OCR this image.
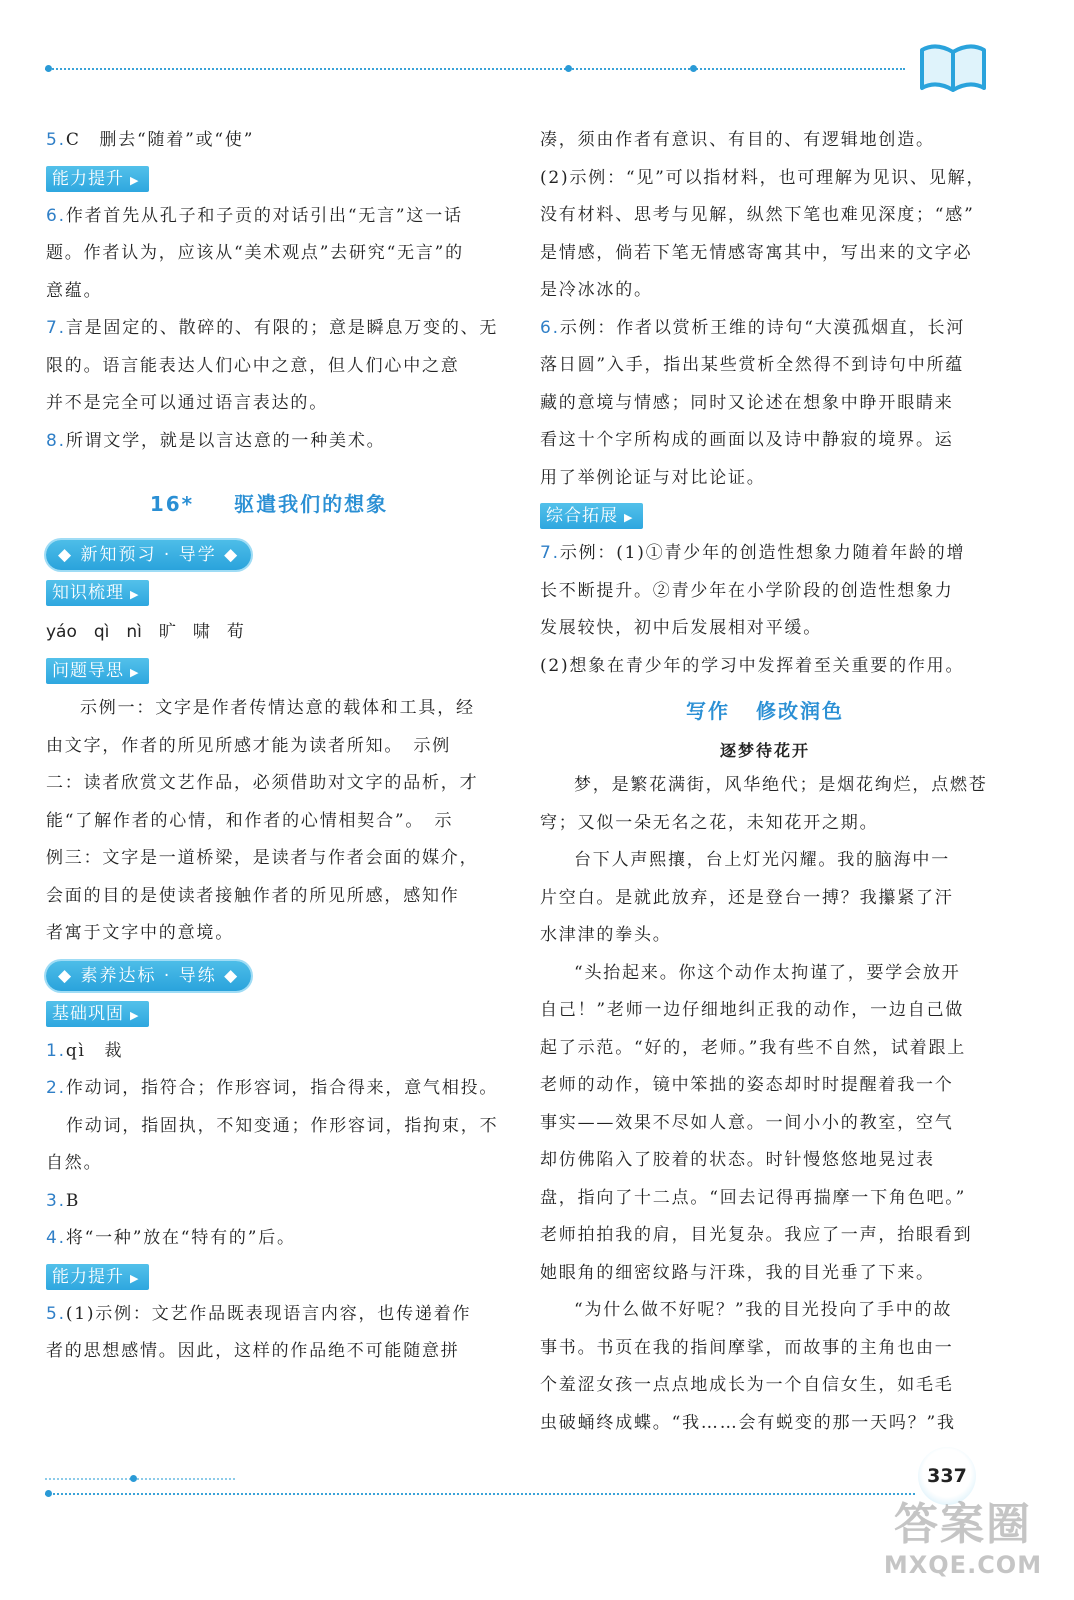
5.C　删去“随着”或“使”
能力提升 ▶
6.作者首先从孔子和子贡的对话引出“无言”这一话
题。作者认为，应该从“美术观点”去研究“无言”的
意蕴。
7.言是固定的、散碎的、有限的；意是瞬息万变的、无
限的。语言能表达人们心中之意，但人们心中之意
并不是完全可以通过语言表达的。
8.所谓文学，就是以言达意的一种美术。
16* 驱遣我们的想象
◆ 新知预习 · 导学 ◆
知识梳理 ▶
yáo　qì　nì　旷　啸　荀
问题导思 ▶
示例一：文字是作者传情达意的载体和工具，经
由文字，作者的所见所感才能为读者所知。　示例
二：读者欣赏文艺作品，必须借助对文字的品析，才
能“了解作者的心情，和作者的心情相契合”。　示
例三：文字是一道桥梁，是读者与作者会面的媒介，
会面的目的是使读者接触作者的所见所感，感知作
者寓于文字中的意境。
◆ 素养达标 · 导练 ◆
基础巩固 ▶
1.qì　裁
2.作动词，指符合；作形容词，指合得来，意气相投。
作动词，指固执，不知变通；作形容词，指拘束，不
自然。
3.B
4.将“一种”放在“特有的”后。
能力提升 ▶
5.(1)示例：文艺作品既表现语言内容，也传递着作
者的思想感情。因此，这样的作品绝不可能随意拼
凑，须由作者有意识、有目的、有逻辑地创造。
(2)示例：“见”可以指材料，也可理解为见识、见解，
没有材料、思考与见解，纵然下笔也难见深度；“感”
是情感，倘若下笔无情感寄寓其中，写出来的文字必
是冷冰冰的。
6.示例：作者以赏析王维的诗句“大漠孤烟直，长河
落日圆”入手，指出某些赏析全然得不到诗句中所蕴
藏的意境与情感；同时又论述在想象中睁开眼睛来
看这十个字所构成的画面以及诗中静寂的境界。运
用了举例论证与对比论证。
综合拓展 ▶
7.示例：(1)①青少年的创造性想象力随着年龄的增
长不断提升。②青少年在小学阶段的创造性想象力
发展较快，初中后发展相对平缓。
(2)想象在青少年的学习中发挥着至关重要的作用。
写作 修改润色
逐梦待花开
梦，是繁花满街，风华绝代；是烟花绚烂，点燃苍
穹；又似一朵无名之花，未知花开之期。
台下人声熙攘，台上灯光闪耀。我的脑海中一
片空白。是就此放弃，还是登台一搏？我攥紧了汗
水津津的拳头。
“头抬起来。你这个动作太拘谨了，要学会放开
自己！”老师一边仔细地纠正我的动作，一边自己做
起了示范。“好的，老师。”我有些不自然，试着跟上
老师的动作，镜中笨拙的姿态却时时提醒着我一个
事实——效果不尽如人意。一间小小的教室，空气
却仿佛陷入了胶着的状态。时针慢悠悠地晃过表
盘，指向了十二点。“回去记得再揣摩一下角色吧。”
老师拍拍我的肩，目光复杂。我应了一声，抬眼看到
她眼角的细密纹路与汗珠，我的目光垂了下来。
“为什么做不好呢？”我的目光投向了手中的故
事书。书页在我的指间摩挲，而故事的主角也由一
个羞涩女孩一点点地成长为一个自信女生，如毛毛
虫破蛹终成蝶。“我……会有蜕变的那一天吗？”我
337
答案圈
MXQE.COM
